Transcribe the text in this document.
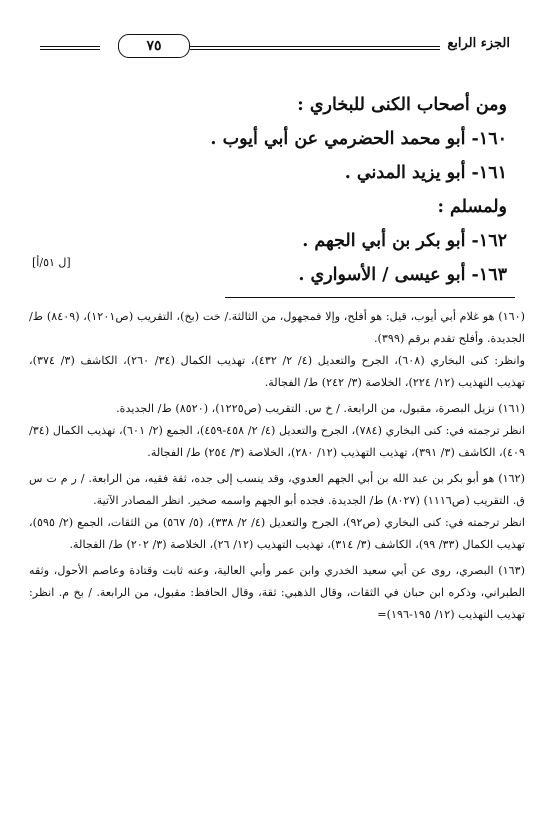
الجزء الرابع
٧٥
ومن أصحاب الكنى للبخاري :
١٦٠- أبو محمد الحضرمي عن أبي أيوب .
١٦١- أبو يزيد المدني .
ولمسلم :
١٦٢- أبو بكر بن أبي الجهم .
١٦٣- أبو عيسى / الأسواري .
[ل ٥١/أ]

(١٦٠) هو غلام أبي أيوب، قيل: هو أفلح، وإلا فمجهول، من الثالثة./ خت (بخ)، التقريب (ص١٢٠١)، (٨٤٠٩) ط/ الجديدة. وأفلح تقدم برقم (٣٩٩).

وانظر: كنى البخاري (٦٠٨)، الجرح والتعديل (٤/ ٢/ ٤٣٢)، تهذيب الكمال (٣٤/ ٢٦٠)، الكاشف (٣/ ٣٧٤)، تهذيب التهذيب (١٢/ ٢٢٤)، الخلاصة (٣/ ٢٤٢) ط/ الفجالة.

(١٦١) نزيل البصرة، مقبول، من الرابعة. / خ س. التقريب (ص١٢٢٥)، (٨٥٢٠) ط/ الجديدة.

انظر ترجمته في: كنى البخاري (٧٨٤)، الجرح والتعديل (٤/ ٢/ ٤٥٨-٤٥٩)، الجمع (٢/ ٦٠١)، تهذيب الكمال (٣٤/ ٤٠٩)، الكاشف (٣/ ٣٩١)، تهذيب التهذيب (١٢/ ٢٨٠)، الخلاصة (٣/ ٢٥٤) ط/ الفجالة.

(١٦٢) هو أبو بكر بن عبد الله بن أبي الجهم العدوي، وقد ينسب إلى جده، ثقة فقيه، من الرابعة. / ر م ت س ق. التقريب (ص١١١٦) (٨٠٢٧) ط/ الجديدة. فجده أبو الجهم واسمه صخير. انظر المصادر الآتية.

انظر ترجمته في: كنى البخاري (ص٩٢)، الجرح والتعديل (٤/ ٢/ ٣٣٨)، (٥/ ٥٦٧) من الثقات، الجمع (٢/ ٥٩٥)، تهذيب الكمال (٣٣/ ٩٩)، الكاشف (٣/ ٣١٤)، تهذيب التهذيب (١٢/ ٢٦)، الخلاصة (٣/ ٢٠٢) ط/ الفجالة.

(١٦٣) البصري، روى عن أبي سعيد الخدري وابن عمر وأبي العالية، وعنه ثابت وقتادة وعاصم الأحول، وثقه الطبراني، وذكره ابن حبان في الثقات، وقال الذهبي: ثقة، وقال الحافظ: مقبول، من الرابعة. / بخ م. انظر: تهذيب التهذيب (١٢/ ١٩٥-١٩٦)=
